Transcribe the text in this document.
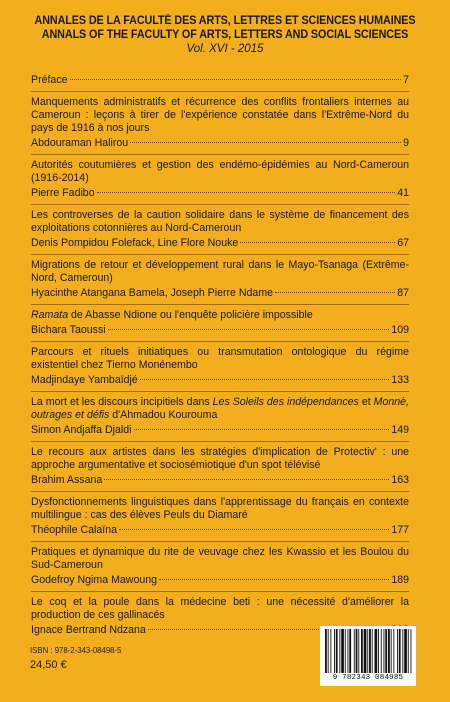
ANNALES DE LA FACULTÉ DES ARTS, LETTRES ET SCIENCES HUMAINES
ANNALS OF THE FACULTY OF ARTS, LETTERS AND SOCIAL SCIENCES
Vol. XVI - 2015
Préface	7
Manquements administratifs et récurrence des conflits frontaliers internes au Cameroun : leçons à tirer de l'expérience constatée dans l'Extrême-Nord du pays de 1916 à nos jours
Abdouraman Halirou	9
Autorités coutumières et gestion des endémo-épidémies au Nord-Cameroun (1916-2014)
Pierre Fadibo	41
Les controverses de la caution solidaire dans le système de financement des exploitations cotonnières au Nord-Cameroun
Denis Pompidou Folefack, Line Flore Nouke	67
Migrations de retour et développement rural dans le Mayo-Tsanaga (Extrême-Nord, Cameroun)
Hyacinthe Atangana Bamela, Joseph Pierre Ndame	87
Ramata de Abasse Ndione ou l'enquête policière impossible
Bichara Taoussi	109
Parcours et rituels initiatiques ou transmutation ontologique du régime existentiel chez Tierno Monénembo
Madjindaye Yambaïdjé	133
La mort et les discours incipitiels dans Les Soleils des indépendances et Monnè, outrages et défis d'Ahmadou Kourouma
Simon Andjaffa Djaldi	149
Le recours aux artistes dans les stratégies d'implication de Protectiv' : une approche argumentative et sociosémiotique d'un spot télévisé
Brahim Assana	163
Dysfonctionnements linguistiques dans l'apprentissage du français en contexte multilingue : cas des élèves Peuls du Diamaré
Théophile Calaïna	177
Pratiques et dynamique du rite de veuvage chez les Kwassio et les Boulou du Sud-Cameroun
Godefroy Ngima Mawoung	189
Le coq et la poule dans la médecine beti : une nécessité d'améliorer la production de ces gallinacés
Ignace Bertrand Ndzana
ISBN : 978-2-343-08498-5
24,50 €
9 782343 084985
